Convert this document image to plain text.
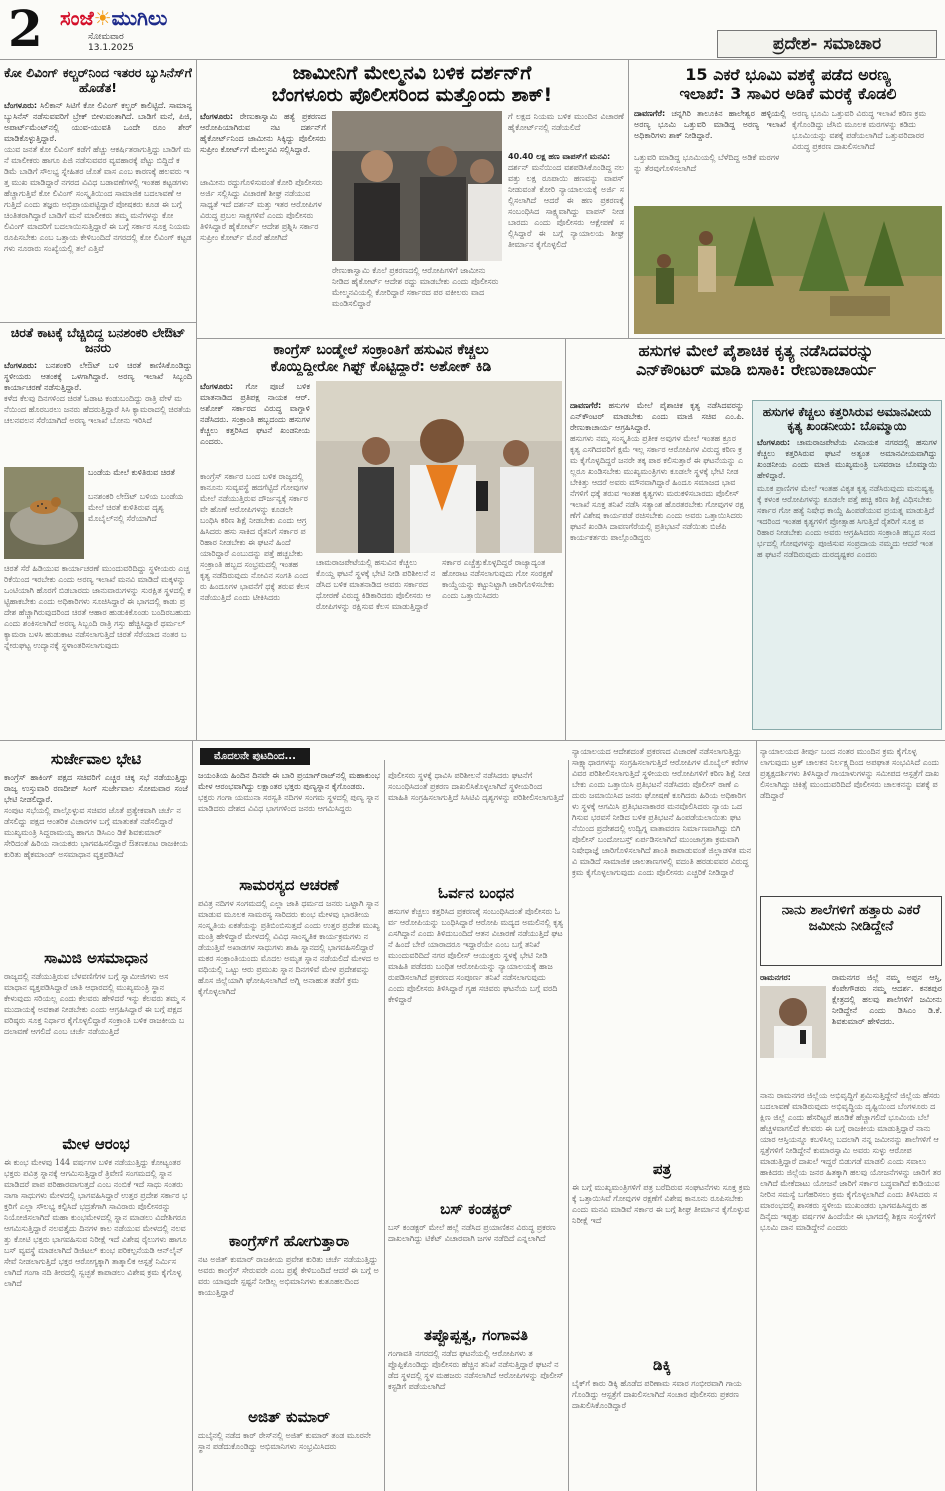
2 ಸಂಜೆ☀ಮುಗಿಲು
ಸೋಮವಾರ
13.1.2025	ಪ್ರದೇಶ- ಸಮಾಚಾರ
ಕೋ ಲಿವಿಂಗ್ ಕಲ್ಚರ್‌ನಿಂದ ಇತರರ ಬ್ಯುಸಿನೆಸ್‌ಗೆ ಹೊಡೆತ!
ಬೆಂಗಳೂರು: ಸಿಲಿಕಾನ್ ಸಿಟಿಗೆ ಕೋ ಲಿವಿಂಗ್ ಕಲ್ಚರ್ ಕಾಲಿಟ್ಟಿದೆ. ಸಾಮಾನ್ಯ ಬ್ಯುಸಿನೆಸ್ ನಡೆಸುವವರಿಗೆ ಬ್ರೇಕ್ ಬೀಳುವಂತಾಗಿದೆ. ಬಾಡಿಗೆ ಮನೆ, ಪಿಜಿ, ಅಪಾರ್ಟ್‌ಮೆಂಟ್‌ನಲ್ಲಿ ಯುವ-ಯುವತಿ ಒಂದೇ ರೂಂ ಶೇರ್ ಮಾಡಿಕೊಳ್ಳುತ್ತಿದ್ದಾರೆ.
ಯುವ ಜನತೆ ಕೋ ಲಿವಿಂಗ್ ಕಡೆಗೆ ಹೆಚ್ಚು ಆಕರ್ಷಿತರಾಗುತ್ತಿದ್ದು ಬಾಡಿಗೆ ಮನೆ ಮಾಲೀಕರು ಹಾಗೂ ಪಿಜಿ ನಡೆಸುವವರ ವ್ಯವಹಾರಕ್ಕೆ ಪೆಟ್ಟು ಬಿದ್ದಿದೆ ಕಡಿಮೆ ಬಾಡಿಗೆ ಸೌಲಭ್ಯ ಸ್ನೇಹಿತರ ಜೊತೆ ವಾಸ ಎಂಬ ಕಾರಣಕ್ಕೆ ಹಲವರು ಇತ್ತ ಮುಖ ಮಾಡಿದ್ದಾರೆ ನಗರದ ವಿವಿಧ ಬಡಾವಣೆಗಳಲ್ಲಿ ಇಂತಹ ಕಟ್ಟಡಗಳು ಹೆಚ್ಚಾಗುತ್ತಿವೆ ಕೋ ಲಿವಿಂಗ್ ಸಂಸ್ಕೃತಿಯಿಂದ ಸಾಮಾಜಿಕ ಬದಲಾವಣೆ ಆಗುತ್ತಿದೆ ಎಂದು ತಜ್ಞರು ಅಭಿಪ್ರಾಯಪಟ್ಟಿದ್ದಾರೆ ಪೋಷಕರು ಕೂಡ ಈ ಬಗ್ಗೆ ಚಿಂತಿತರಾಗಿದ್ದಾರೆ ಬಾಡಿಗೆ ಮನೆ ಮಾಲೀಕರು ತಮ್ಮ ಮನೆಗಳನ್ನು ಕೋ ಲಿವಿಂಗ್ ಮಾದರಿಗೆ ಬದಲಾಯಿಸುತ್ತಿದ್ದಾರೆ ಈ ಬಗ್ಗೆ ಸರ್ಕಾರ ಸೂಕ್ತ ನಿಯಮ ರೂಪಿಸಬೇಕು ಎಂಬ ಒತ್ತಾಯ ಕೇಳಿಬಂದಿದೆ ನಗರದಲ್ಲಿ ಕೋ ಲಿವಿಂಗ್ ಕಟ್ಟಡಗಳು ನೂರಾರು ಸಂಖ್ಯೆಯಲ್ಲಿ ತಲೆ ಎತ್ತಿವೆ
ಚಿರತೆ ಕಾಟಕ್ಕೆ ಬೆಚ್ಚಿಬಿದ್ದ ಬನಶಂಕರಿ ಲೇಔಟ್ ಜನರು
ಬೆಂಗಳೂರು: ಬನಶಂಕರಿ ಲೇಔಟ್ ಬಳಿ ಚಿರತೆ ಕಾಣಿಸಿಕೊಂಡಿದ್ದು ಸ್ಥಳೀಯರು ಆತಂಕಕ್ಕೆ ಒಳಗಾಗಿದ್ದಾರೆ. ಅರಣ್ಯ ಇಲಾಖೆ ಸಿಬ್ಬಂದಿ ಕಾರ್ಯಾಚರಣೆ ನಡೆಸುತ್ತಿದ್ದಾರೆ.
ಕಳೆದ ಕೆಲವು ದಿನಗಳಿಂದ ಚಿರತೆ ಓಡಾಟ ಕಂಡುಬಂದಿದ್ದು ರಾತ್ರಿ ವೇಳೆ ಮನೆಯಿಂದ ಹೊರಬರಲು ಜನರು ಹೆದರುತ್ತಿದ್ದಾರೆ ಸಿಸಿ ಕ್ಯಾಮರಾದಲ್ಲಿ ಚಿರತೆಯ ಚಲನವಲನ ಸೆರೆಯಾಗಿದೆ ಅರಣ್ಯ ಇಲಾಖೆ ಬೋನು ಇರಿಸಿದೆ
ಬಂಡೆಯ ಮೇಲೆ ಕುಳಿತಿರುವ ಚಿರತೆ
ಬನಶಂಕರಿ ಲೇಔಟ್ ಬಳಿಯ ಬಂಡೆಯ ಮೇಲೆ ಚಿರತೆ ಕುಳಿತಿರುವ ದೃಶ್ಯ ಮೊಬೈಲ್‌ನಲ್ಲಿ ಸೆರೆಯಾಗಿದೆ
ಚಿರತೆ ಸೆರೆ ಹಿಡಿಯುವ ಕಾರ್ಯಾಚರಣೆ ಮುಂದುವರಿದಿದ್ದು ಸ್ಥಳೀಯರು ಎಚ್ಚರಿಕೆಯಿಂದ ಇರಬೇಕು ಎಂದು ಅರಣ್ಯ ಇಲಾಖೆ ಮನವಿ ಮಾಡಿದೆ ಮಕ್ಕಳನ್ನು ಒಂಟಿಯಾಗಿ ಹೊರಗೆ ಬಿಡಬಾರದು ಜಾನುವಾರುಗಳನ್ನು ಸುರಕ್ಷಿತ ಸ್ಥಳದಲ್ಲಿ ಕಟ್ಟಿಹಾಕಬೇಕು ಎಂದು ಅಧಿಕಾರಿಗಳು ಸೂಚಿಸಿದ್ದಾರೆ ಈ ಭಾಗದಲ್ಲಿ ಕಾಡು ಪ್ರದೇಶ ಹೆಚ್ಚಾಗಿರುವುದರಿಂದ ಚಿರತೆ ಆಹಾರ ಹುಡುಕಿಕೊಂಡು ಬಂದಿರಬಹುದು ಎಂದು ಶಂಕಿಸಲಾಗಿದೆ ಅರಣ್ಯ ಸಿಬ್ಬಂದಿ ರಾತ್ರಿ ಗಸ್ತು ಹೆಚ್ಚಿಸಿದ್ದಾರೆ ಥರ್ಮಲ್ ಕ್ಯಾಮರಾ ಬಳಸಿ ಹುಡುಕಾಟ ನಡೆಸಲಾಗುತ್ತಿದೆ ಚಿರತೆ ಸೆರೆಯಾದ ನಂತರ ಬನ್ನೇರುಘಟ್ಟ ಉದ್ಯಾನಕ್ಕೆ ಸ್ಥಳಾಂತರಿಸಲಾಗುವುದು
ಜಾಮೀನಿಗೆ ಮೇಲ್ಮನವಿ ಬಳಿಕ ದರ್ಶನ್‌ಗೆ
ಬೆಂಗಳೂರು ಪೊಲೀಸರಿಂದ ಮತ್ತೊಂದು ಶಾಕ್!
ಬೆಂಗಳೂರು: ರೇಣುಕಾಸ್ವಾಮಿ ಹತ್ಯೆ ಪ್ರಕರಣದ ಆರೋಪಿಯಾಗಿರುವ ನಟ ದರ್ಶನ್‌ಗೆ ಹೈಕೋರ್ಟ್‌ನಿಂದ ಜಾಮೀನು ಸಿಕ್ಕಿದ್ದು ಪೊಲೀಸರು ಸುಪ್ರೀಂ ಕೋರ್ಟ್‌ಗೆ ಮೇಲ್ಮನವಿ ಸಲ್ಲಿಸಿದ್ದಾರೆ.
ಜಾಮೀನು ರದ್ದುಗೊಳಿಸುವಂತೆ ಕೋರಿ ಪೊಲೀಸರು ಅರ್ಜಿ ಸಲ್ಲಿಸಿದ್ದು ವಿಚಾರಣೆ ಶೀಘ್ರ ನಡೆಯುವ ಸಾಧ್ಯತೆ ಇದೆ ದರ್ಶನ್ ಮತ್ತು ಇತರ ಆರೋಪಿಗಳ ವಿರುದ್ಧ ಪ್ರಬಲ ಸಾಕ್ಷ್ಯಗಳಿವೆ ಎಂದು ಪೊಲೀಸರು ತಿಳಿಸಿದ್ದಾರೆ ಹೈಕೋರ್ಟ್ ಆದೇಶ ಪ್ರಶ್ನಿಸಿ ಸರ್ಕಾರ ಸುಪ್ರೀಂ ಕೋರ್ಟ್ ಮೊರೆ ಹೋಗಿದೆ
ರೇಣುಕಾಸ್ವಾಮಿ ಕೊಲೆ ಪ್ರಕರಣದಲ್ಲಿ ಆರೋಪಿಗಳಿಗೆ ಜಾಮೀನು ನೀಡಿದ ಹೈಕೋರ್ಟ್ ಆದೇಶ ರದ್ದು ಮಾಡಬೇಕು ಎಂದು ಪೊಲೀಸರು ಮೇಲ್ಮನವಿಯಲ್ಲಿ ಕೋರಿದ್ದಾರೆ ಸರ್ಕಾರದ ಪರ ವಕೀಲರು ವಾದ ಮಂಡಿಸಲಿದ್ದಾರೆ
ಗೆ ಲಕ್ಷದ ನಿಯಮ ಬಳಿಕ ಮುಂದಿನ ವಿಚಾರಣೆ ಹೈಕೋರ್ಟ್‌ನಲ್ಲಿ ನಡೆಯಲಿದೆ
40.40 ಲಕ್ಷ ಹಣ ವಾಪಸ್‌ಗೆ ಮನವಿ:
ದರ್ಶನ್ ಮನೆಯಿಂದ ವಶಪಡಿಸಿಕೊಂಡಿದ್ದ ನಲವತ್ತು ಲಕ್ಷ ರೂಪಾಯಿ ಹಣವನ್ನು ವಾಪಸ್ ನೀಡುವಂತೆ ಕೋರಿ ನ್ಯಾಯಾಲಯಕ್ಕೆ ಅರ್ಜಿ ಸಲ್ಲಿಸಲಾಗಿದೆ ಆದರೆ ಈ ಹಣ ಪ್ರಕರಣಕ್ಕೆ ಸಂಬಂಧಿಸಿದ ಸಾಕ್ಷ್ಯವಾಗಿದ್ದು ವಾಪಸ್ ನೀಡಬಾರದು ಎಂದು ಪೊಲೀಸರು ಆಕ್ಷೇಪಣೆ ಸಲ್ಲಿಸಿದ್ದಾರೆ ಈ ಬಗ್ಗೆ ನ್ಯಾಯಾಲಯ ಶೀಘ್ರ ತೀರ್ಮಾನ ಕೈಗೊಳ್ಳಲಿದೆ
15 ಎಕರೆ ಭೂಮಿ ವಶಕ್ಕೆ ಪಡೆದ ಅರಣ್ಯ
ಇಲಾಖೆ: 3 ಸಾವಿರ ಅಡಿಕೆ ಮರಕ್ಕೆ ಕೊಡಲಿ
ದಾವಣಗೆರೆ: ಚನ್ನಗಿರಿ ತಾಲೂಕಿನ ಹಾಲೇಶ್ವರ ಹಳ್ಳಿಯಲ್ಲಿ ಅರಣ್ಯ ಭೂಮಿ ಒತ್ತುವರಿ ಮಾಡಿದ್ದ ಅರಣ್ಯ ಇಲಾಖೆ ಅಧಿಕಾರಿಗಳು ಶಾಕ್ ನೀಡಿದ್ದಾರೆ.
ಒತ್ತುವರಿ ಮಾಡಿದ್ದ ಭೂಮಿಯಲ್ಲಿ ಬೆಳೆದಿದ್ದ ಅಡಿಕೆ ಮರಗಳನ್ನು ತೆರವುಗೊಳಿಸಲಾಗಿದೆ
ಅರಣ್ಯ ಭೂಮಿ ಒತ್ತುವರಿ ವಿರುದ್ಧ ಇಲಾಖೆ ಕಠಿಣ ಕ್ರಮ ಕೈಗೊಂಡಿದ್ದು ಜೆಸಿಬಿ ಮೂಲಕ ಮರಗಳನ್ನು ಕಡಿದು ಭೂಮಿಯನ್ನು ವಶಕ್ಕೆ ಪಡೆಯಲಾಗಿದೆ ಒತ್ತುವರಿದಾರರ ವಿರುದ್ಧ ಪ್ರಕರಣ ದಾಖಲಿಸಲಾಗಿದೆ
ಕಾಂಗ್ರೆಸ್ ಬಂಡ್ಮೇಲೆ ಸಂಕ್ರಾಂತಿಗೆ ಹಸುವಿನ ಕೆಚ್ಚಲು
ಕೊಯ್ದಿದ್ದೀರೋ ಗಿಫ್ಟ್ ಕೊಟ್ಟಿದ್ದಾರೆ: ಅಶೋಕ್ ಕಿಡಿ
ಬೆಂಗಳೂರು: ಗೋ ಪೂಜೆ ಬಳಿಕ ಮಾತನಾಡಿದ ಪ್ರತಿಪಕ್ಷ ನಾಯಕ ಆರ್. ಅಶೋಕ್ ಸರ್ಕಾರದ ವಿರುದ್ಧ ವಾಗ್ದಾಳಿ ನಡೆಸಿದರು. ಸಂಕ್ರಾಂತಿ ಹಬ್ಬದಂದು ಹಸುಗಳ ಕೆಚ್ಚಲು ಕತ್ತರಿಸಿದ ಘಟನೆ ಖಂಡನೀಯ ಎಂದರು.
ಕಾಂಗ್ರೆಸ್ ಸರ್ಕಾರ ಬಂದ ಬಳಿಕ ರಾಜ್ಯದಲ್ಲಿ ಕಾನೂನು ಸುವ್ಯವಸ್ಥೆ ಹದಗೆಟ್ಟಿದೆ ಗೋವುಗಳ ಮೇಲೆ ನಡೆಯುತ್ತಿರುವ ದೌರ್ಜನ್ಯಕ್ಕೆ ಸರ್ಕಾರವೇ ಹೊಣೆ ಆರೋಪಿಗಳನ್ನು ಕೂಡಲೇ ಬಂಧಿಸಿ ಕಠಿಣ ಶಿಕ್ಷೆ ನೀಡಬೇಕು ಎಂದು ಆಗ್ರಹಿಸಿದರು ಹಸು ಸಾಕಿದ ರೈತನಿಗೆ ಸರ್ಕಾರ ಪರಿಹಾರ ನೀಡಬೇಕು ಈ ಘಟನೆ ಹಿಂದೆ ಯಾರಿದ್ದಾರೆ ಎಂಬುದನ್ನು ಪತ್ತೆ ಹಚ್ಚಬೇಕು ಸಂಕ್ರಾಂತಿ ಹಬ್ಬದ ಸಂಭ್ರಮದಲ್ಲಿ ಇಂತಹ ಕೃತ್ಯ ನಡೆದಿರುವುದು ನೋವಿನ ಸಂಗತಿ ಎಂದರು ಹಿಂದೂಗಳ ಭಾವನೆಗೆ ಧಕ್ಕೆ ತರುವ ಕೆಲಸ ನಡೆಯುತ್ತಿದೆ ಎಂದು ಟೀಕಿಸಿದರು
ಚಾಮರಾಜಪೇಟೆಯಲ್ಲಿ ಹಸುವಿನ ಕೆಚ್ಚಲು ಕೊಯ್ದ ಘಟನೆ ಸ್ಥಳಕ್ಕೆ ಭೇಟಿ ನೀಡಿ ಪರಿಶೀಲನೆ ನಡೆಸಿದ ಬಳಿಕ ಮಾತನಾಡಿದ ಅವರು ಸರ್ಕಾರದ ಧೋರಣೆ ವಿರುದ್ಧ ಕಿಡಿಕಾರಿದರು ಪೊಲೀಸರು ಆರೋಪಿಗಳನ್ನು ರಕ್ಷಿಸುವ ಕೆಲಸ ಮಾಡುತ್ತಿದ್ದಾರೆ
ಸರ್ಕಾರ ಎಚ್ಚೆತ್ತುಕೊಳ್ಳದಿದ್ದರೆ ರಾಜ್ಯಾದ್ಯಂತ ಹೋರಾಟ ನಡೆಸಲಾಗುವುದು ಗೋ ಸಂರಕ್ಷಣೆ ಕಾಯ್ದೆಯನ್ನು ಕಟ್ಟುನಿಟ್ಟಾಗಿ ಜಾರಿಗೊಳಿಸಬೇಕು ಎಂದು ಒತ್ತಾಯಿಸಿದರು
ಹಸುಗಳ ಮೇಲೆ ಪೈಶಾಚಿಕ ಕೃತ್ಯ ನಡೆಸಿದವರನ್ನು
ಎನ್‌ಕೌಂಟರ್ ಮಾಡಿ ಬಿಸಾಕಿ: ರೇಣುಕಾಚಾರ್ಯ
ದಾವಣಗೆರೆ: ಹಸುಗಳ ಮೇಲೆ ಪೈಶಾಚಿಕ ಕೃತ್ಯ ನಡೆಸಿದವರನ್ನು ಎನ್‌ಕೌಂಟರ್ ಮಾಡಬೇಕು ಎಂದು ಮಾಜಿ ಸಚಿವ ಎಂ.ಪಿ. ರೇಣುಕಾಚಾರ್ಯ ಆಗ್ರಹಿಸಿದ್ದಾರೆ.
ಹಸುಗಳು ನಮ್ಮ ಸಂಸ್ಕೃತಿಯ ಪ್ರತೀಕ ಅವುಗಳ ಮೇಲೆ ಇಂತಹ ಕ್ರೂರ ಕೃತ್ಯ ಎಸಗಿದವರಿಗೆ ಕ್ಷಮೆ ಇಲ್ಲ ಸರ್ಕಾರ ಆರೋಪಿಗಳ ವಿರುದ್ಧ ಕಠಿಣ ಕ್ರಮ ಕೈಗೊಳ್ಳದಿದ್ದರೆ ಜನರೇ ತಕ್ಕ ಪಾಠ ಕಲಿಸುತ್ತಾರೆ ಈ ಘಟನೆಯನ್ನು ಎಲ್ಲರೂ ಖಂಡಿಸಬೇಕು ಮುಖ್ಯಮಂತ್ರಿಗಳು ಕೂಡಲೇ ಸ್ಥಳಕ್ಕೆ ಭೇಟಿ ನೀಡಬೇಕಿತ್ತು ಆದರೆ ಅವರು ಮೌನವಾಗಿದ್ದಾರೆ ಹಿಂದೂ ಸಮಾಜದ ಭಾವನೆಗಳಿಗೆ ಧಕ್ಕೆ ತರುವ ಇಂತಹ ಕೃತ್ಯಗಳು ಮರುಕಳಿಸಬಾರದು ಪೊಲೀಸ್ ಇಲಾಖೆ ಸೂಕ್ತ ತನಿಖೆ ನಡೆಸಿ ಸತ್ಯಾಂಶ ಹೊರತರಬೇಕು ಗೋವುಗಳ ರಕ್ಷಣೆಗೆ ವಿಶೇಷ ಕಾರ್ಯಪಡೆ ರಚಿಸಬೇಕು ಎಂದು ಅವರು ಒತ್ತಾಯಿಸಿದರು ಘಟನೆ ಖಂಡಿಸಿ ದಾವಣಗೆರೆಯಲ್ಲಿ ಪ್ರತಿಭಟನೆ ನಡೆಯಿತು ಬಿಜೆಪಿ ಕಾರ್ಯಕರ್ತರು ಪಾಲ್ಗೊಂಡಿದ್ದರು
ಹಸುಗಳ ಕೆಚ್ಚಲು ಕತ್ತರಿಸಿರುವ ಅಮಾನವೀಯ ಕೃತ್ಯ ಖಂಡನೀಯ: ಬೊಮ್ಮಾಯಿ
ಬೆಂಗಳೂರು: ಚಾಮರಾಜಪೇಟೆಯ ವಿನಾಯಕ ನಗರದಲ್ಲಿ ಹಸುಗಳ ಕೆಚ್ಚಲು ಕತ್ತರಿಸಿರುವ ಘಟನೆ ಅತ್ಯಂತ ಅಮಾನವೀಯವಾಗಿದ್ದು ಖಂಡನೀಯ ಎಂದು ಮಾಜಿ ಮುಖ್ಯಮಂತ್ರಿ ಬಸವರಾಜ ಬೊಮ್ಮಾಯಿ ಹೇಳಿದ್ದಾರೆ.
ಮೂಕ ಪ್ರಾಣಿಗಳ ಮೇಲೆ ಇಂತಹ ವಿಕೃತ ಕೃತ್ಯ ನಡೆಸಿರುವುದು ಮನುಷ್ಯತ್ವಕ್ಕೆ ಕಳಂಕ ಆರೋಪಿಗಳನ್ನು ಕೂಡಲೇ ಪತ್ತೆ ಹಚ್ಚಿ ಕಠಿಣ ಶಿಕ್ಷೆ ವಿಧಿಸಬೇಕು ಸರ್ಕಾರ ಗೋ ಹತ್ಯೆ ನಿಷೇಧ ಕಾಯ್ದೆ ಹಿಂಪಡೆಯುವ ಪ್ರಯತ್ನ ಮಾಡುತ್ತಿದೆ ಇದರಿಂದ ಇಂತಹ ಕೃತ್ಯಗಳಿಗೆ ಪ್ರೋತ್ಸಾಹ ಸಿಗುತ್ತಿದೆ ರೈತರಿಗೆ ಸೂಕ್ತ ಪರಿಹಾರ ನೀಡಬೇಕು ಎಂದು ಅವರು ಆಗ್ರಹಿಸಿದರು ಸಂಕ್ರಾಂತಿ ಹಬ್ಬದ ಸಂದರ್ಭದಲ್ಲಿ ಗೋವುಗಳನ್ನು ಪೂಜಿಸುವ ಸಂಪ್ರದಾಯ ನಮ್ಮದು ಆದರೆ ಇಂತಹ ಘಟನೆ ನಡೆದಿರುವುದು ದುರದೃಷ್ಟಕರ ಎಂದರು
ಸುರ್ಜೇವಾಲ ಭೇಟಿ
ಕಾಂಗ್ರೆಸ್ ಹಾಕಿಂಗ್ ಪಕ್ಷದ ಸಚಿವರಿಗೆ ಎಚ್ಚರ ಚಿಕ್ಕ ಸಭೆ ನಡೆಯುತ್ತಿದ್ದು ರಾಜ್ಯ ಉಸ್ತುವಾರಿ ರಣದೀಪ್ ಸಿಂಗ್ ಸುರ್ಜೇವಾಲ ಸೋಮವಾರ ಸಂಜೆ ಭೇಟಿ ನೀಡಲಿದ್ದಾರೆ.
ಸಂಪುಟ ಸಭೆಯಲ್ಲಿ ಪಾಲ್ಗೊಳ್ಳುವ ಸಚಿವರ ಜೊತೆ ಪ್ರತ್ಯೇಕವಾಗಿ ಚರ್ಚೆ ನಡೆಸಲಿದ್ದು ಪಕ್ಷದ ಆಂತರಿಕ ವಿಚಾರಗಳ ಬಗ್ಗೆ ಮಾತುಕತೆ ನಡೆಸಲಿದ್ದಾರೆ ಮುಖ್ಯಮಂತ್ರಿ ಸಿದ್ದರಾಮಯ್ಯ ಹಾಗೂ ಡಿಸಿಎಂ ಡಿಕೆ ಶಿವಕುಮಾರ್ ಸೇರಿದಂತೆ ಹಿರಿಯ ನಾಯಕರು ಭಾಗವಹಿಸಲಿದ್ದಾರೆ ಔತಣಕೂಟ ರಾಜಕೀಯ ಕುರಿತು ಹೈಕಮಾಂಡ್ ಅಸಮಾಧಾನ ವ್ಯಕ್ತಪಡಿಸಿದೆ
ಸಾಮಿಜಿ ಅಸಮಾಧಾನ
ರಾಜ್ಯದಲ್ಲಿ ನಡೆಯುತ್ತಿರುವ ಬೆಳವಣಿಗೆಗಳ ಬಗ್ಗೆ ಸ್ವಾಮೀಜಿಗಳು ಅಸಮಾಧಾನ ವ್ಯಕ್ತಪಡಿಸಿದ್ದಾರೆ ಜಾತಿ ಆಧಾರದಲ್ಲಿ ಮುಖ್ಯಮಂತ್ರಿ ಸ್ಥಾನ ಕೇಳುವುದು ಸರಿಯಲ್ಲ ಎಂದು ಕೆಲವರು ಹೇಳಿದರೆ ಇನ್ನು ಕೆಲವರು ತಮ್ಮ ಸಮುದಾಯಕ್ಕೆ ಅವಕಾಶ ನೀಡಬೇಕು ಎಂದು ಆಗ್ರಹಿಸಿದ್ದಾರೆ ಈ ಬಗ್ಗೆ ಪಕ್ಷದ ವರಿಷ್ಠರು ಸೂಕ್ತ ನಿರ್ಧಾರ ಕೈಗೊಳ್ಳಲಿದ್ದಾರೆ ಸಂಕ್ರಾಂತಿ ಬಳಿಕ ರಾಜಕೀಯ ಬದಲಾವಣೆ ಆಗಲಿದೆ ಎಂಬ ಚರ್ಚೆ ನಡೆಯುತ್ತಿದೆ
ಮೇಳ ಆರಂಭ
ಈ ಕುಂಭ ಮೇಳವು 144 ವರ್ಷಗಳ ಬಳಿಕ ನಡೆಯುತ್ತಿದ್ದು ಕೋಟ್ಯಂತರ ಭಕ್ತರು ಪವಿತ್ರ ಸ್ನಾನಕ್ಕೆ ಆಗಮಿಸುತ್ತಿದ್ದಾರೆ ತ್ರಿವೇಣಿ ಸಂಗಮದಲ್ಲಿ ಸ್ನಾನ ಮಾಡಿದರೆ ಪಾಪ ಪರಿಹಾರವಾಗುತ್ತದೆ ಎಂಬ ನಂಬಿಕೆ ಇದೆ ಸಾಧು ಸಂತರು ನಾಗಾ ಸಾಧುಗಳು ಮೇಳದಲ್ಲಿ ಭಾಗವಹಿಸಿದ್ದಾರೆ ಉತ್ತರ ಪ್ರದೇಶ ಸರ್ಕಾರ ಭಕ್ತರಿಗೆ ಎಲ್ಲಾ ಸೌಲಭ್ಯ ಕಲ್ಪಿಸಿದೆ ಭದ್ರತೆಗಾಗಿ ಸಾವಿರಾರು ಪೊಲೀಸರನ್ನು ನಿಯೋಜಿಸಲಾಗಿದೆ ಮಹಾ ಕುಂಭಮೇಳದಲ್ಲಿ ಸ್ನಾನ ಮಾಡಲು ವಿದೇಶಿಗರೂ ಆಗಮಿಸುತ್ತಿದ್ದಾರೆ ನಲವತ್ತೈದು ದಿನಗಳ ಕಾಲ ನಡೆಯುವ ಮೇಳದಲ್ಲಿ ನಲವತ್ತು ಕೋಟಿ ಭಕ್ತರು ಭಾಗವಹಿಸುವ ನಿರೀಕ್ಷೆ ಇದೆ ವಿಶೇಷ ರೈಲುಗಳು ಹಾಗೂ ಬಸ್ ವ್ಯವಸ್ಥೆ ಮಾಡಲಾಗಿದೆ ಡಿಜಿಟಲ್ ಕುಂಭ ಪರಿಕಲ್ಪನೆಯಡಿ ಆನ್‌ಲೈನ್ ಸೇವೆ ನೀಡಲಾಗುತ್ತಿದೆ ಭಕ್ತರ ಆರೋಗ್ಯಕ್ಕಾಗಿ ತಾತ್ಕಾಲಿಕ ಆಸ್ಪತ್ರೆ ನಿರ್ಮಿಸಲಾಗಿದೆ ಗಂಗಾ ನದಿ ತೀರದಲ್ಲಿ ಸ್ವಚ್ಛತೆ ಕಾಪಾಡಲು ವಿಶೇಷ ಕ್ರಮ ಕೈಗೊಳ್ಳಲಾಗಿದೆ
ಮೊದಲನೇ ಪುಟದಿಂದ...
ಜಯಂತಿಯ ಹಿಂದಿನ ದಿನವೇ ಈ ಬಾರಿ ಪ್ರಯಾಗ್‌ರಾಜ್‌ನಲ್ಲಿ ಮಹಾಕುಂಭ ಮೇಳ ಆರಂಭವಾಗಿದ್ದು ಲಕ್ಷಾಂತರ ಭಕ್ತರು ಪುಣ್ಯಸ್ನಾನ ಕೈಗೊಂಡರು.
ಭಕ್ತರು ಗಂಗಾ ಯಮುನಾ ಸರಸ್ವತಿ ನದಿಗಳ ಸಂಗಮ ಸ್ಥಳದಲ್ಲಿ ಪುಣ್ಯ ಸ್ನಾನ ಮಾಡಿದರು ದೇಶದ ವಿವಿಧ ಭಾಗಗಳಿಂದ ಜನರು ಆಗಮಿಸಿದ್ದರು
ಸಾಮರಸ್ಯದ ಆಚರಣೆ
ಪವಿತ್ರ ನದಿಗಳ ಸಂಗಮದಲ್ಲಿ ಎಲ್ಲಾ ಜಾತಿ ಧರ್ಮದ ಜನರು ಒಟ್ಟಾಗಿ ಸ್ನಾನ ಮಾಡುವ ಮೂಲಕ ಸಾಮರಸ್ಯ ಸಾರಿದರು ಕುಂಭ ಮೇಳವು ಭಾರತೀಯ ಸಂಸ್ಕೃತಿಯ ಏಕತೆಯನ್ನು ಪ್ರತಿಬಿಂಬಿಸುತ್ತದೆ ಎಂದು ಉತ್ತರ ಪ್ರದೇಶ ಮುಖ್ಯಮಂತ್ರಿ ಹೇಳಿದ್ದಾರೆ ಮೇಳದಲ್ಲಿ ವಿವಿಧ ಸಾಂಸ್ಕೃತಿಕ ಕಾರ್ಯಕ್ರಮಗಳು ನಡೆಯುತ್ತಿವೆ ಅಖಾಡಗಳ ಸಾಧುಗಳು ಶಾಹಿ ಸ್ನಾನದಲ್ಲಿ ಭಾಗವಹಿಸಲಿದ್ದಾರೆ ಮಕರ ಸಂಕ್ರಾಂತಿಯಂದು ಮೊದಲ ಅಮೃತ ಸ್ನಾನ ನಡೆಯಲಿದೆ ಮೇಳದ ಅವಧಿಯಲ್ಲಿ ಒಟ್ಟು ಆರು ಪ್ರಮುಖ ಸ್ನಾನ ದಿನಗಳಿವೆ ಮೇಳ ಪ್ರದೇಶವನ್ನು ಹೊಸ ಜಿಲ್ಲೆಯಾಗಿ ಘೋಷಿಸಲಾಗಿದೆ ಅಗ್ನಿ ಅನಾಹುತ ತಡೆಗೆ ಕ್ರಮ ಕೈಗೊಳ್ಳಲಾಗಿದೆ
ಕಾಂಗ್ರೆಸ್‌ಗೆ ಹೋಗುತ್ತಾರಾ
ನಟ ಅಜಿತ್ ಕುಮಾರ್ ರಾಜಕೀಯ ಪ್ರವೇಶ ಕುರಿತು ಚರ್ಚೆ ನಡೆಯುತ್ತಿದ್ದು ಅವರು ಕಾಂಗ್ರೆಸ್ ಸೇರುವರೇ ಎಂಬ ಪ್ರಶ್ನೆ ಕೇಳಿಬಂದಿದೆ ಆದರೆ ಈ ಬಗ್ಗೆ ಅವರು ಯಾವುದೇ ಸ್ಪಷ್ಟನೆ ನೀಡಿಲ್ಲ ಅಭಿಮಾನಿಗಳು ಕುತೂಹಲದಿಂದ ಕಾಯುತ್ತಿದ್ದಾರೆ
ಅಜಿತ್ ಕುಮಾರ್
ದುಬೈನಲ್ಲಿ ನಡೆದ ಕಾರ್ ರೇಸ್‌ನಲ್ಲಿ ಅಜಿತ್ ಕುಮಾರ್ ತಂಡ ಮೂರನೇ ಸ್ಥಾನ ಪಡೆದುಕೊಂಡಿದ್ದು ಅಭಿಮಾನಿಗಳು ಸಂಭ್ರಮಿಸಿದರು
ಪೊಲೀಸರು ಸ್ಥಳಕ್ಕೆ ಧಾವಿಸಿ ಪರಿಶೀಲನೆ ನಡೆಸಿದರು ಘಟನೆಗೆ ಸಂಬಂಧಿಸಿದಂತೆ ಪ್ರಕರಣ ದಾಖಲಿಸಿಕೊಳ್ಳಲಾಗಿದೆ ಸ್ಥಳೀಯರಿಂದ ಮಾಹಿತಿ ಸಂಗ್ರಹಿಸಲಾಗುತ್ತಿದೆ ಸಿಸಿಟಿವಿ ದೃಶ್ಯಗಳನ್ನು ಪರಿಶೀಲಿಸಲಾಗುತ್ತಿದೆ
ಓರ್ವನ ಬಂಧನ
ಹಸುಗಳ ಕೆಚ್ಚಲು ಕತ್ತರಿಸಿದ ಪ್ರಕರಣಕ್ಕೆ ಸಂಬಂಧಿಸಿದಂತೆ ಪೊಲೀಸರು ಓರ್ವ ಆರೋಪಿಯನ್ನು ಬಂಧಿಸಿದ್ದಾರೆ ಆರೋಪಿ ಮದ್ಯದ ಅಮಲಿನಲ್ಲಿ ಕೃತ್ಯ ಎಸಗಿದ್ದಾನೆ ಎಂದು ತಿಳಿದುಬಂದಿದೆ ಆತನ ವಿಚಾರಣೆ ನಡೆಯುತ್ತಿದೆ ಘಟನೆ ಹಿಂದೆ ಬೇರೆ ಯಾರಾದರೂ ಇದ್ದಾರೆಯೇ ಎಂಬ ಬಗ್ಗೆ ತನಿಖೆ ಮುಂದುವರಿದಿದೆ ನಗರ ಪೊಲೀಸ್ ಆಯುಕ್ತರು ಸ್ಥಳಕ್ಕೆ ಭೇಟಿ ನೀಡಿ ಮಾಹಿತಿ ಪಡೆದರು ಬಂಧಿತ ಆರೋಪಿಯನ್ನು ನ್ಯಾಯಾಲಯಕ್ಕೆ ಹಾಜರುಪಡಿಸಲಾಗಿದೆ ಪ್ರಕರಣದ ಸಂಪೂರ್ಣ ತನಿಖೆ ನಡೆಸಲಾಗುವುದು ಎಂದು ಪೊಲೀಸರು ತಿಳಿಸಿದ್ದಾರೆ ಗೃಹ ಸಚಿವರು ಘಟನೆಯ ಬಗ್ಗೆ ವರದಿ ಕೇಳಿದ್ದಾರೆ
ಬಸ್ ಕಂಡಕ್ಟರ್
ಬಸ್ ಕಂಡಕ್ಟರ್ ಮೇಲೆ ಹಲ್ಲೆ ನಡೆಸಿದ ಪ್ರಯಾಣಿಕನ ವಿರುದ್ಧ ಪ್ರಕರಣ ದಾಖಲಾಗಿದ್ದು ಟಿಕೆಟ್ ವಿಚಾರವಾಗಿ ಜಗಳ ನಡೆದಿದೆ ಎನ್ನಲಾಗಿದೆ
ತಪ್ಪೊಪ್ಪತ್ವ, ಗಂಗಾವತಿ
ಗಂಗಾವತಿ ನಗರದಲ್ಲಿ ನಡೆದ ಘಟನೆಯಲ್ಲಿ ಆರೋಪಿಗಳು ತಪ್ಪೊಪ್ಪಿಕೊಂಡಿದ್ದು ಪೊಲೀಸರು ಹೆಚ್ಚಿನ ತನಿಖೆ ನಡೆಸುತ್ತಿದ್ದಾರೆ ಘಟನೆ ನಡೆದ ಸ್ಥಳದಲ್ಲಿ ಸ್ಥಳ ಮಹಜರು ನಡೆಸಲಾಗಿದೆ ಆರೋಪಿಗಳನ್ನು ಪೊಲೀಸ್ ಕಸ್ಟಡಿಗೆ ಪಡೆಯಲಾಗಿದೆ
ನ್ಯಾಯಾಲಯದ ಆದೇಶದಂತೆ ಪ್ರಕರಣದ ವಿಚಾರಣೆ ನಡೆಸಲಾಗುತ್ತಿದ್ದು ಸಾಕ್ಷ್ಯಾಧಾರಗಳನ್ನು ಸಂಗ್ರಹಿಸಲಾಗುತ್ತಿದೆ ಆರೋಪಿಗಳ ಮೊಬೈಲ್ ಕರೆಗಳ ವಿವರ ಪರಿಶೀಲಿಸಲಾಗುತ್ತಿದೆ ಸ್ಥಳೀಯರು ಆರೋಪಿಗಳಿಗೆ ಕಠಿಣ ಶಿಕ್ಷೆ ನೀಡಬೇಕು ಎಂದು ಒತ್ತಾಯಿಸಿ ಪ್ರತಿಭಟನೆ ನಡೆಸಿದರು ಪೊಲೀಸ್ ಠಾಣೆ ಎದುರು ಜಮಾಯಿಸಿದ ಜನರು ಘೋಷಣೆ ಕೂಗಿದರು ಹಿರಿಯ ಅಧಿಕಾರಿಗಳು ಸ್ಥಳಕ್ಕೆ ಆಗಮಿಸಿ ಪ್ರತಿಭಟನಾಕಾರರ ಮನವೊಲಿಸಿದರು ನ್ಯಾಯ ಒದಗಿಸುವ ಭರವಸೆ ನೀಡಿದ ಬಳಿಕ ಪ್ರತಿಭಟನೆ ಹಿಂಪಡೆಯಲಾಯಿತು ಘಟನೆಯಿಂದ ಪ್ರದೇಶದಲ್ಲಿ ಉದ್ವಿಗ್ನ ವಾತಾವರಣ ನಿರ್ಮಾಣವಾಗಿದ್ದು ಬಿಗಿ ಪೊಲೀಸ್ ಬಂದೋಬಸ್ತ್ ಏರ್ಪಡಿಸಲಾಗಿದೆ ಮುಂಜಾಗ್ರತಾ ಕ್ರಮವಾಗಿ ನಿಷೇಧಾಜ್ಞೆ ಜಾರಿಗೊಳಿಸಲಾಗಿದೆ ಶಾಂತಿ ಕಾಪಾಡುವಂತೆ ಜಿಲ್ಲಾಡಳಿತ ಮನವಿ ಮಾಡಿದೆ ಸಾಮಾಜಿಕ ಜಾಲತಾಣಗಳಲ್ಲಿ ವದಂತಿ ಹರಡುವವರ ವಿರುದ್ಧ ಕ್ರಮ ಕೈಗೊಳ್ಳಲಾಗುವುದು ಎಂದು ಪೊಲೀಸರು ಎಚ್ಚರಿಕೆ ನೀಡಿದ್ದಾರೆ
ಪತ್ರ
ಈ ಬಗ್ಗೆ ಮುಖ್ಯಮಂತ್ರಿಗಳಿಗೆ ಪತ್ರ ಬರೆದಿರುವ ಸಂಘಟನೆಗಳು ಸೂಕ್ತ ಕ್ರಮಕ್ಕೆ ಒತ್ತಾಯಿಸಿವೆ ಗೋವುಗಳ ರಕ್ಷಣೆಗೆ ವಿಶೇಷ ಕಾನೂನು ರೂಪಿಸಬೇಕು ಎಂದು ಮನವಿ ಮಾಡಿವೆ ಸರ್ಕಾರ ಈ ಬಗ್ಗೆ ಶೀಘ್ರ ತೀರ್ಮಾನ ಕೈಗೊಳ್ಳುವ ನಿರೀಕ್ಷೆ ಇದೆ
ಡಿಕ್ಕಿ
ಬೈಕ್‌ಗೆ ಕಾರು ಡಿಕ್ಕಿ ಹೊಡೆದ ಪರಿಣಾಮ ಸವಾರ ಗಂಭೀರವಾಗಿ ಗಾಯಗೊಂಡಿದ್ದು ಆಸ್ಪತ್ರೆಗೆ ದಾಖಲಿಸಲಾಗಿದೆ ಸಂಚಾರ ಪೊಲೀಸರು ಪ್ರಕರಣ ದಾಖಲಿಸಿಕೊಂಡಿದ್ದಾರೆ
ನ್ಯಾಯಾಲಯದ ತೀರ್ಪು ಬಂದ ನಂತರ ಮುಂದಿನ ಕ್ರಮ ಕೈಗೊಳ್ಳಲಾಗುವುದು ಟ್ರಕ್ ಚಾಲಕನ ನಿರ್ಲಕ್ಷ್ಯದಿಂದ ಅಪಘಾತ ಸಂಭವಿಸಿದೆ ಎಂದು ಪ್ರತ್ಯಕ್ಷದರ್ಶಿಗಳು ತಿಳಿಸಿದ್ದಾರೆ ಗಾಯಾಳುಗಳನ್ನು ಸಮೀಪದ ಆಸ್ಪತ್ರೆಗೆ ದಾಖಲಿಸಲಾಗಿದ್ದು ಚಿಕಿತ್ಸೆ ಮುಂದುವರಿದಿದೆ ಪೊಲೀಸರು ಚಾಲಕನನ್ನು ವಶಕ್ಕೆ ಪಡೆದಿದ್ದಾರೆ
ನಾನು ಶಾಲೆಗಳಿಗೆ ಹತ್ತಾರು ಎಕರೆ ಜಮೀನು ನೀಡಿದ್ದೇನೆ
ರಾಮನಗರ:	ರಾಮನಗರ ಜಿಲ್ಲೆ ನಮ್ಮ ಅಪ್ಪನ ಆಸ್ತಿ, ಕೆಂಪೇಗೌಡರು ನಮ್ಮ ಆದರ್ಶ. ಕನಕಪುರ ಕ್ಷೇತ್ರದಲ್ಲಿ ಹಲವು ಶಾಲೆಗಳಿಗೆ ಜಮೀನು ನೀಡಿದ್ದೇನೆ ಎಂದು ಡಿಸಿಎಂ ಡಿ.ಕೆ. ಶಿವಕುಮಾರ್ ಹೇಳಿದರು.
ನಾನು ರಾಮನಗರ ಜಿಲ್ಲೆಯ ಅಭಿವೃದ್ಧಿಗೆ ಶ್ರಮಿಸುತ್ತಿದ್ದೇನೆ ಜಿಲ್ಲೆಯ ಹೆಸರು ಬದಲಾವಣೆ ಮಾಡಿರುವುದು ಅಭಿವೃದ್ಧಿಯ ದೃಷ್ಟಿಯಿಂದ ಬೆಂಗಳೂರು ದಕ್ಷಿಣ ಜಿಲ್ಲೆ ಎಂದು ಹೆಸರಿಟ್ಟರೆ ಹೂಡಿಕೆ ಹೆಚ್ಚಾಗಲಿದೆ ಭೂಮಿಯ ಬೆಲೆ ಹೆಚ್ಚಳವಾಗಲಿದೆ ಕೆಲವರು ಈ ಬಗ್ಗೆ ರಾಜಕೀಯ ಮಾಡುತ್ತಿದ್ದಾರೆ ನಾನು ಯಾರ ಆಸ್ತಿಯನ್ನೂ ಕಬಳಿಸಿಲ್ಲ ಬದಲಾಗಿ ನನ್ನ ಜಮೀನನ್ನು ಶಾಲೆಗಳಿಗೆ ಆಸ್ಪತ್ರೆಗಳಿಗೆ ನೀಡಿದ್ದೇನೆ ಕುಮಾರಸ್ವಾಮಿ ಅವರು ಸುಳ್ಳು ಆರೋಪ ಮಾಡುತ್ತಿದ್ದಾರೆ ದಾಖಲೆ ಇದ್ದರೆ ಬಿಡುಗಡೆ ಮಾಡಲಿ ಎಂದು ಸವಾಲು ಹಾಕಿದರು ಜಿಲ್ಲೆಯ ಜನರ ಹಿತಕ್ಕಾಗಿ ಹಲವು ಯೋಜನೆಗಳನ್ನು ಜಾರಿಗೆ ತರಲಾಗಿದೆ ಮೇಕೆದಾಟು ಯೋಜನೆ ಜಾರಿಗೆ ಸರ್ಕಾರ ಬದ್ಧವಾಗಿದೆ ಕುಡಿಯುವ ನೀರಿನ ಸಮಸ್ಯೆ ಬಗೆಹರಿಸಲು ಕ್ರಮ ಕೈಗೊಳ್ಳಲಾಗಿದೆ ಎಂದು ತಿಳಿಸಿದರು ಸಮಾರಂಭದಲ್ಲಿ ಶಾಸಕರು ಸ್ಥಳೀಯ ಮುಖಂಡರು ಭಾಗವಹಿಸಿದ್ದರು ಹದಿನೈದು ಇಪ್ಪತ್ತು ವರ್ಷಗಳ ಹಿಂದೆಯೇ ಈ ಭಾಗದಲ್ಲಿ ಶಿಕ್ಷಣ ಸಂಸ್ಥೆಗಳಿಗೆ ಭೂಮಿ ದಾನ ಮಾಡಿದ್ದೇನೆ ಎಂದರು
